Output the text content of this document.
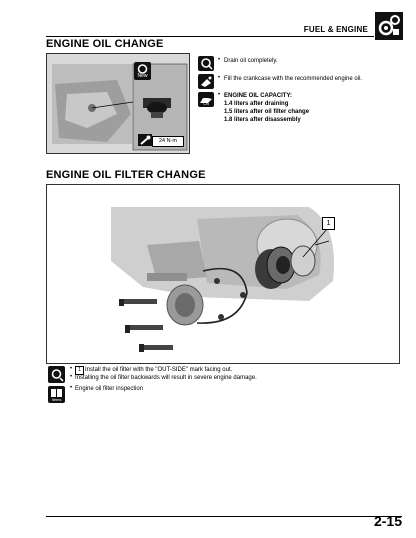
FUEL & ENGINE
ENGINE OIL CHANGE
New
24 N·m
• Drain oil completely.
• Fill the crankcase with the recommended engine oil.
Oil
• ENGINE OIL CAPACITY:
1.4 liters after draining
1.5 liters after oil filter change
1.8 liters after disassembly
ENGINE OIL FILTER CHANGE
1
•	1 Install the oil filter with the "OUT-SIDE" mark facing out.
• Installing the oil filter backwards will result in severe engine damage.
Items
• Engine oil filter inspection
2-15
